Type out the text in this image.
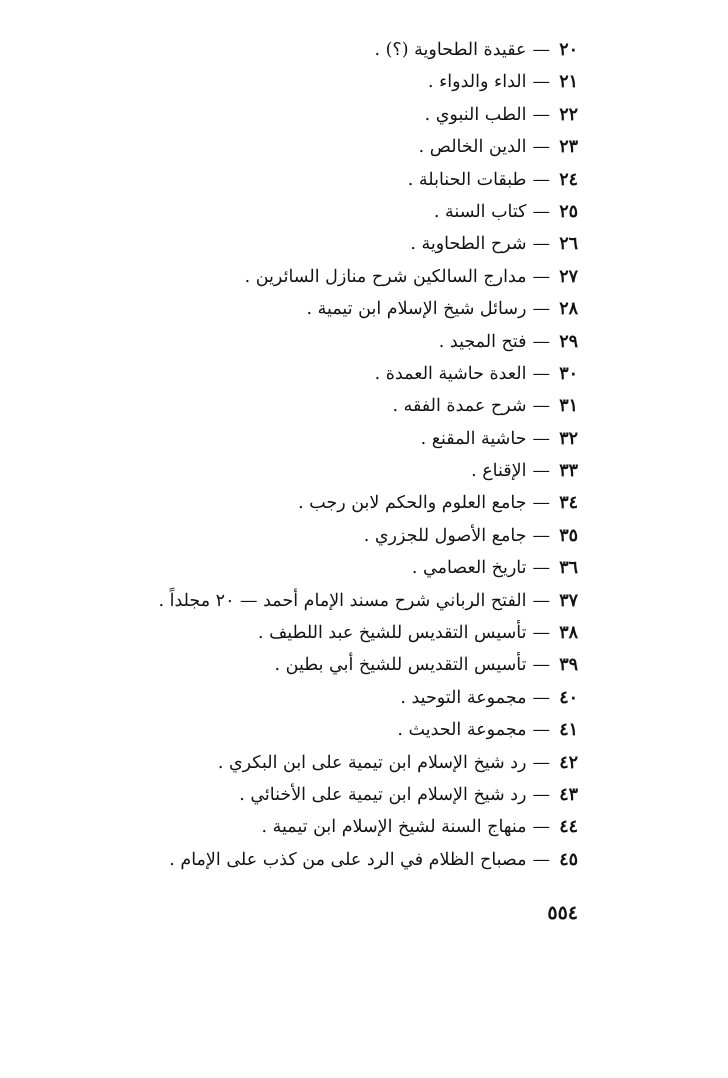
٢٠
—
عقيدة الطحاوية (؟) .
٢١
—
الداء والدواء .
٢٢
—
الطب النبوي .
٢٣
—
الدين الخالص .
٢٤
—
طبقات الحنابلة .
٢٥
—
كتاب السنة .
٢٦
—
شرح الطحاوية .
٢٧
—
مدارج السالكين شرح منازل السائرين .
٢٨
—
رسائل شيخ الإسلام ابن تيمية .
٢٩
—
فتح المجيد .
٣٠
—
العدة حاشية العمدة .
٣١
—
شرح عمدة الفقه .
٣٢
—
حاشية المقنع .
٣٣
—
الإقناع .
٣٤
—
جامع العلوم والحكم لابن رجب .
٣٥
—
جامع الأصول للجزري .
٣٦
—
تاريخ العصامي .
٣٧
—
الفتح الرباني شرح مسند الإمام أحمد — ٢٠ مجلداً .
٣٨
—
تأسيس التقديس للشيخ عبد اللطيف .
٣٩
—
تأسيس التقديس للشيخ أبي بطين .
٤٠
—
مجموعة التوحيد .
٤١
—
مجموعة الحديث .
٤٢
—
رد شيخ الإسلام ابن تيمية على ابن البكري .
٤٣
—
رد شيخ الإسلام ابن تيمية على الأخنائي .
٤٤
—
منهاج السنة لشيخ الإسلام ابن تيمية .
٤٥
—
مصباح الظلام في الرد على من كذب على الإمام .
٥٥٤
